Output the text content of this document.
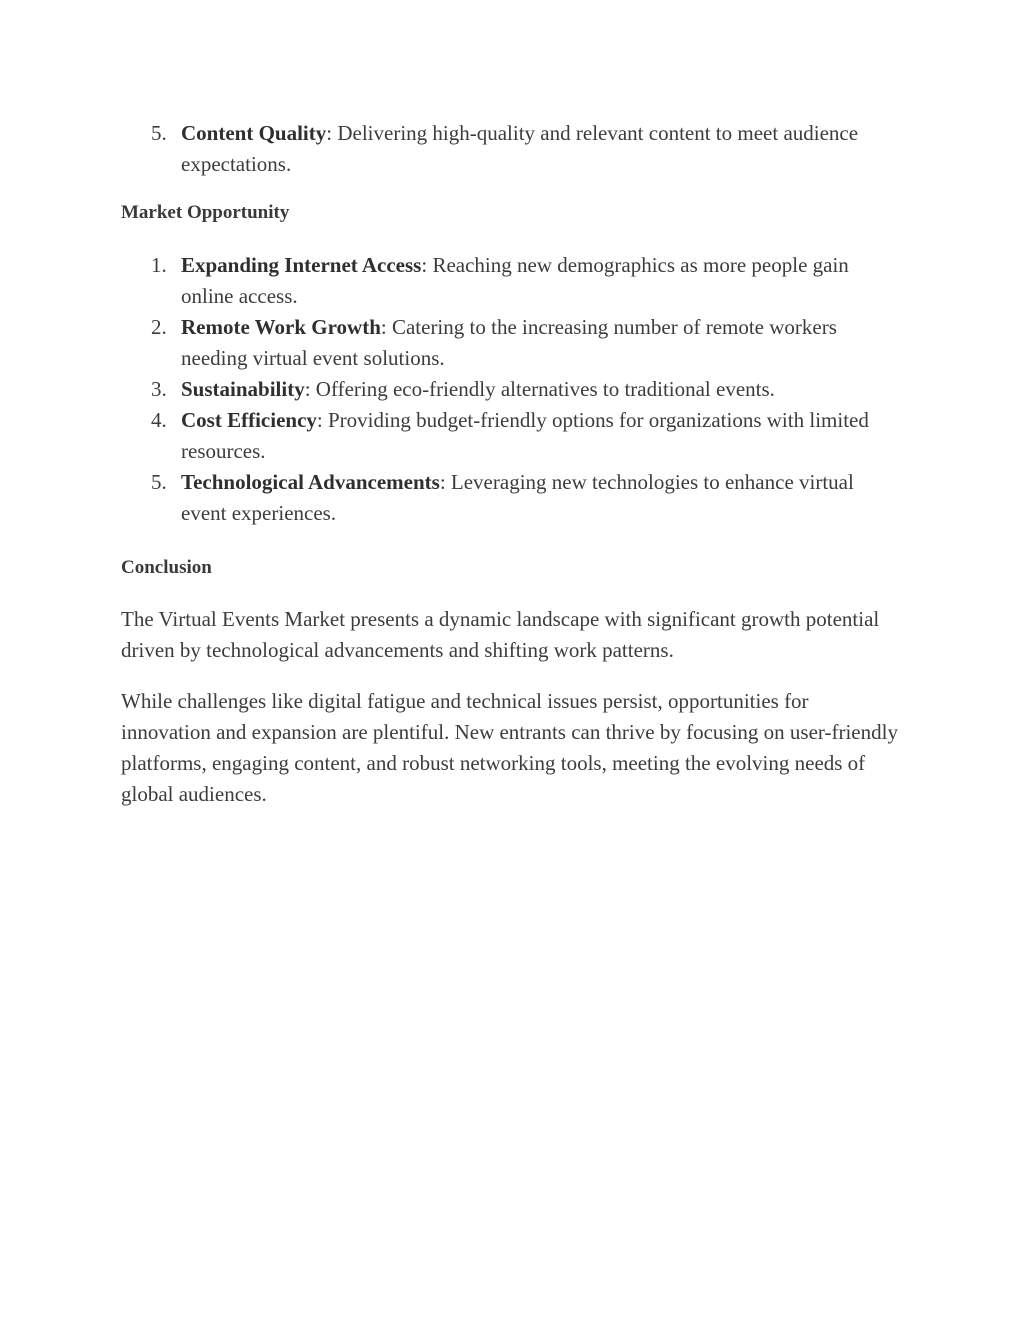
5. Content Quality: Delivering high-quality and relevant content to meet audience expectations.
Market Opportunity
1. Expanding Internet Access: Reaching new demographics as more people gain online access.
2. Remote Work Growth: Catering to the increasing number of remote workers needing virtual event solutions.
3. Sustainability: Offering eco-friendly alternatives to traditional events.
4. Cost Efficiency: Providing budget-friendly options for organizations with limited resources.
5. Technological Advancements: Leveraging new technologies to enhance virtual event experiences.
Conclusion

The Virtual Events Market presents a dynamic landscape with significant growth potential driven by technological advancements and shifting work patterns.

While challenges like digital fatigue and technical issues persist, opportunities for innovation and expansion are plentiful. New entrants can thrive by focusing on user-friendly platforms, engaging content, and robust networking tools, meeting the evolving needs of global audiences.
